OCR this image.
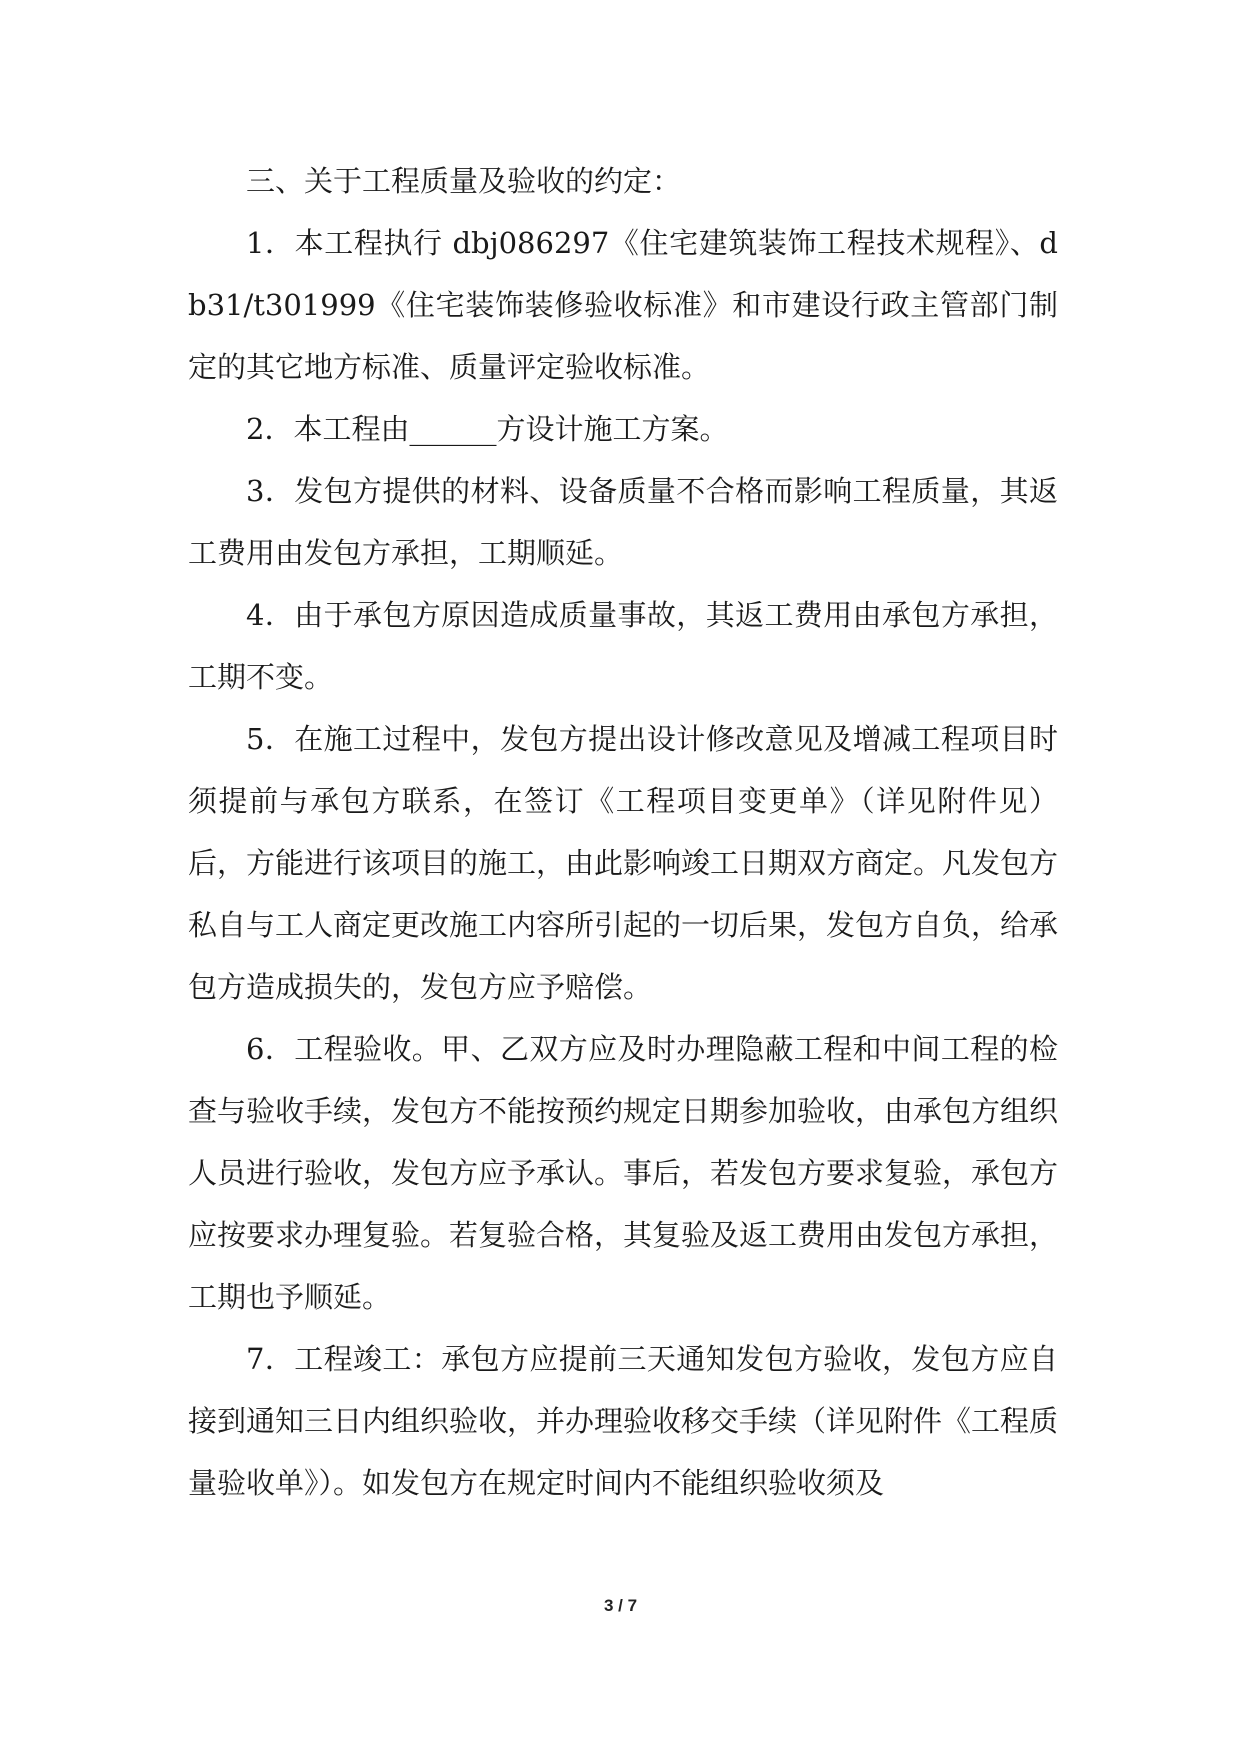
三、关于工程质量及验收的约定：

1．本工程执行 dbj086297《住宅建筑装饰工程技术规程》、db31/t301999《住宅装饰装修验收标准》和市建设行政主管部门制定的其它地方标准、质量评定验收标准。

2．本工程由______方设计施工方案。

3．发包方提供的材料、设备质量不合格而影响工程质量，其返工费用由发包方承担，工期顺延。

4．由于承包方原因造成质量事故，其返工费用由承包方承担，工期不变。

5．在施工过程中，发包方提出设计修改意见及增减工程项目时须提前与承包方联系，在签订《工程项目变更单》（详见附件见）后，方能进行该项目的施工，由此影响竣工日期双方商定。凡发包方私自与工人商定更改施工内容所引起的一切后果，发包方自负，给承包方造成损失的，发包方应予赔偿。

6．工程验收。甲、乙双方应及时办理隐蔽工程和中间工程的检查与验收手续，发包方不能按预约规定日期参加验收，由承包方组织人员进行验收，发包方应予承认。事后，若发包方要求复验，承包方应按要求办理复验。若复验合格，其复验及返工费用由发包方承担，工期也予顺延。

7．工程竣工：承包方应提前三天通知发包方验收，发包方应自接到通知三日内组织验收，并办理验收移交手续（详见附件《工程质量验收单》）。如发包方在规定时间内不能组织验收须及

3 / 7
